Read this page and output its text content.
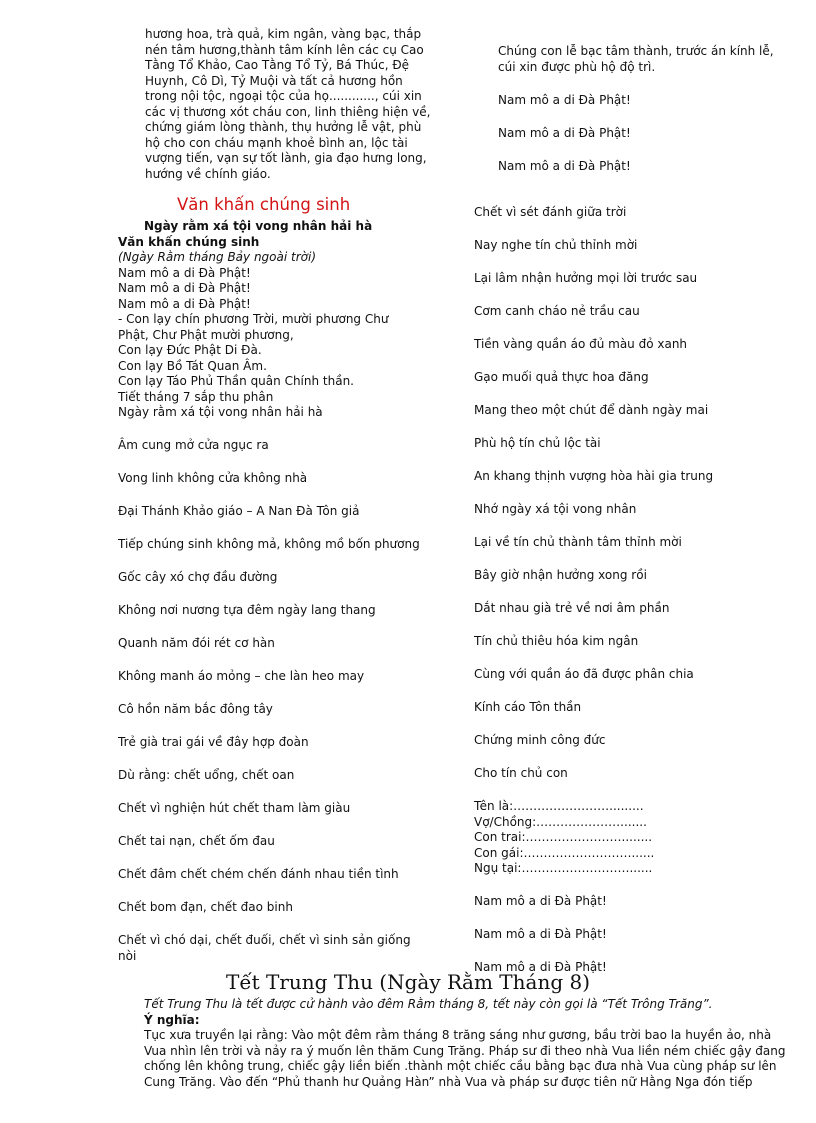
hương hoa, trà quả, kim ngân, vàng bạc, thắp
nén tâm hương,thành tâm kính lên các cụ Cao
Tằng Tổ Khảo, Cao Tằng Tổ Tỷ, Bá Thúc, Đệ
Huynh, Cô Dì, Tỷ Muội và tất cả hương hồn
trong nội tộc, ngoại tộc của họ............, cúi xin
các vị thương xót cháu con, linh thiêng hiện về,
chứng giám lòng thành, thụ hưởng lễ vật, phù
hộ cho con cháu mạnh khoẻ bình an, lộc tài
vượng tiến, vạn sự tốt lành, gia đạo hưng long,
hướng về chính giáo.
Văn khấn chúng sinh
Ngày rằm xá tội vong nhân hải hà
Văn khấn chúng sinh
(Ngày Rằm tháng Bảy ngoài trời)
Nam mô a di Đà Phật!
Nam mô a di Đà Phật!
Nam mô a di Đà Phật!
- Con lạy chín phương Trời, mười phương Chư
Phật, Chư Phật mười phương,
Con lạy Đức Phật Di Đà.
Con lạy Bồ Tát Quan Âm.
Con lạy Táo Phủ Thần quân Chính thần.
Tiết tháng 7 sắp thu phân
Ngày rằm xá tội vong nhân hải hà
Âm cung mở cửa ngục ra
Vong linh không cửa không nhà
Đại Thánh Khảo giáo – A Nan Đà Tôn giả
Tiếp chúng sinh không mả, không mồ bốn phương
Gốc cây xó chợ đầu đường
Không nơi nương tựa đêm ngày lang thang
Quanh năm đói rét cơ hàn
Không manh áo mỏng – che làn heo may
Cô hồn năm bắc đông tây
Trẻ già trai gái về đây hợp đoàn
Dù rằng: chết uổng, chết oan
Chết vì nghiện hút chết tham làm giàu
Chết tai nạn, chết ốm đau
Chết đâm chết chém chến đánh nhau tiền tình
Chết bom đạn, chết đao binh
Chết vì chó dại, chết đuối, chết vì sinh sản giống
nòi
Chúng con lễ bạc tâm thành, trước án kính lễ,
cúi xin được phù hộ độ trì.
Nam mô a di Đà Phật!
Nam mô a di Đà Phật!
Nam mô a di Đà Phật!
Chết vì sét đánh giữa trời
Nay nghe tín chủ thỉnh mời
Lại lâm nhận hưởng mọi lời trước sau
Cơm canh cháo nẻ trầu cau
Tiền vàng quần áo đủ màu đỏ xanh
Gạo muối quả thực hoa đăng
Mang theo một chút để dành ngày mai
Phù hộ tín chủ lộc tài
An khang thịnh vượng hòa hài gia trung
Nhớ ngày xá tội vong nhân
Lại về tín chủ thành tâm thỉnh mời
Bây giờ nhận hưởng xong rồi
Dắt nhau già trẻ về nơi âm phần
Tín chủ thiêu hóa kim ngân
Cùng với quần áo đã được phân chia
Kính cáo Tôn thần
Chứng minh công đức
Cho tín chủ con
Tên là:…………………….........
Vợ/Chồng:………………….......
Con trai:……………………........
Con gái:………………………......
Ngụ tại:………………………......
Nam mô a di Đà Phật!
Nam mô a di Đà Phật!
Nam mô a di Đà Phật!
Tết Trung Thu (Ngày Rằm Tháng 8)
Tết Trung Thu là tết được cử hành vào đêm Rằm tháng 8, tết này còn gọi là “Tết Trông Trăng”.
Ý nghĩa:
Tục xưa truyền lại rằng: Vào một đêm rằm tháng 8 trăng sáng như gương, bầu trời bao la huyền ảo, nhà
Vua nhìn lên trời và nảy ra ý muốn lên thăm Cung Trăng. Pháp sư đi theo nhà Vua liền ném chiếc gậy đang
chống lên không trung, chiếc gậy liền biến .thành một chiếc cầu bằng bạc đưa nhà Vua cùng pháp sư lên
Cung Trăng. Vào đến “Phủ thanh hư Quảng Hàn” nhà Vua và pháp sư được tiên nữ Hằng Nga đón tiếp
